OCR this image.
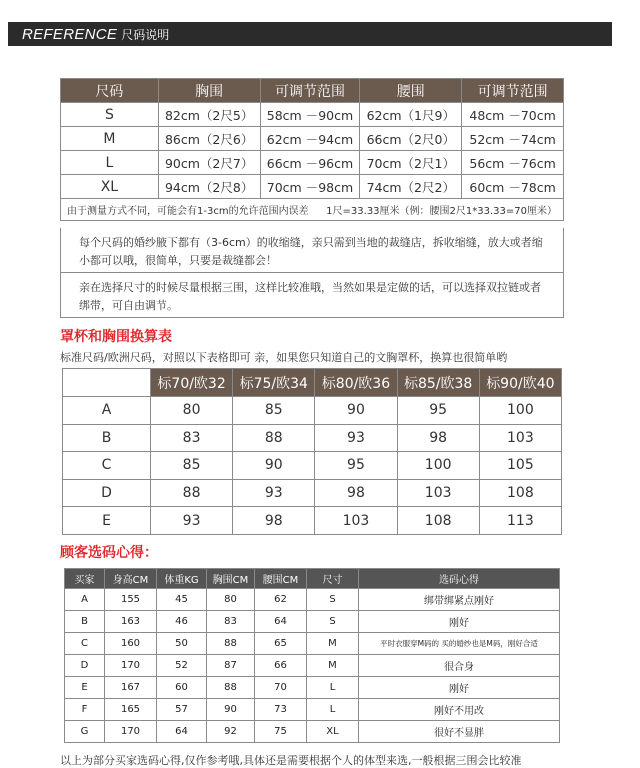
REFERENCE 尺码说明
尺码	胸围	可调节范围	腰围	可调节范围
S	82cm（2尺5）	58cm －90cm	62cm（1尺9）	48cm －70cm
M	86cm（2尺6）	62cm －94cm	66cm（2尺0）	52cm －74cm
L	90cm（2尺7）	66cm －96cm	70cm（2尺1）	56cm －76cm
XL	94cm（2尺8）	70cm －98cm	74cm（2尺2）	60cm －78cm
由于测量方式不同，可能会有1-3cm的允许范围内误差 1尺=33.33厘米（例：腰围2尺1*33.33=70厘米）				
每个尺码的婚纱腋下都有（3-6cm）的收缩缝，亲只需到当地的裁缝店，拆收缩缝，放大或者缩小都可以哦，很简单，只要是裁缝都会！
亲在选择尺寸的时候尽量根据三围，这样比较准哦，当然如果是定做的话，可以选择双拉链或者绑带，可自由调节。
罩杯和胸围换算表
标准尺码/欧洲尺码，对照以下表格即可 亲，如果您只知道自己的文胸罩杯，换算也很简单哟
	标70/欧32	标75/欧34	标80/欧36	标85/欧38	标90/欧40
A	80	85	90	95	100
B	83	88	93	98	103
C	85	90	95	100	105
D	88	93	98	103	108
E	93	98	103	108	113
顾客选码心得：
买家	身高CM	体重KG	胸围CM	腰围CM	尺寸	选码心得
A	155	45	80	62	S	绑带绑紧点刚好
B	163	46	83	64	S	刚好
C	160	50	88	65	M	平时衣服穿M码的 买的婚纱也是M码，刚好合适
D	170	52	87	66	M	很合身
E	167	60	88	70	L	刚好
F	165	57	90	73	L	刚好不用改
G	170	64	92	75	XL	很好不显胖
以上为部分买家选码心得,仅作参考哦,具体还是需要根据个人的体型来选,一般根据三围会比较准
